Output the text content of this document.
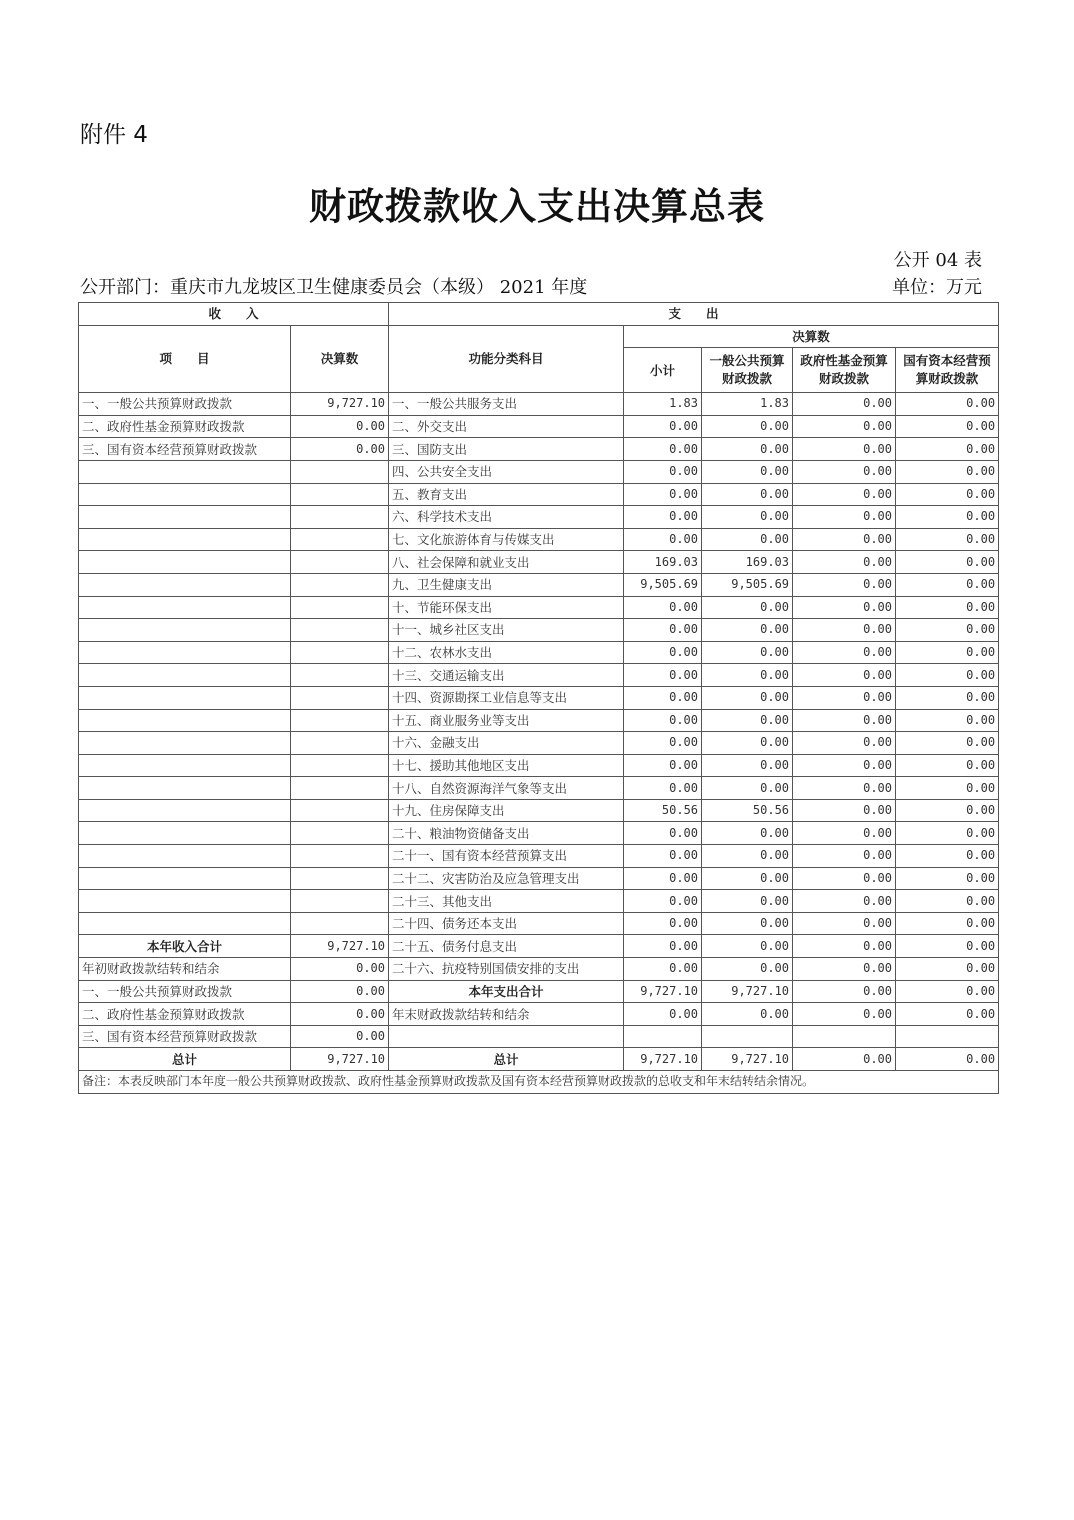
附件 4
财政拨款收入支出决算总表
公开 04 表
公开部门：重庆市九龙坡区卫生健康委员会（本级） 2021 年度	单位：万元
收　　入		支　　出				
项　　目	决算数	功能分类科目	决算数			
			小计	一般公共预算财政拨款	政府性基金预算财政拨款	国有资本经营预算财政拨款
一、一般公共预算财政拨款	9,727.10	一、一般公共服务支出	1.83	1.83	0.00	0.00
二、政府性基金预算财政拨款	0.00	二、外交支出	0.00	0.00	0.00	0.00
三、国有资本经营预算财政拨款	0.00	三、国防支出	0.00	0.00	0.00	0.00
		四、公共安全支出	0.00	0.00	0.00	0.00
		五、教育支出	0.00	0.00	0.00	0.00
		六、科学技术支出	0.00	0.00	0.00	0.00
		七、文化旅游体育与传媒支出	0.00	0.00	0.00	0.00
		八、社会保障和就业支出	169.03	169.03	0.00	0.00
		九、卫生健康支出	9,505.69	9,505.69	0.00	0.00
		十、节能环保支出	0.00	0.00	0.00	0.00
		十一、城乡社区支出	0.00	0.00	0.00	0.00
		十二、农林水支出	0.00	0.00	0.00	0.00
		十三、交通运输支出	0.00	0.00	0.00	0.00
		十四、资源勘探工业信息等支出	0.00	0.00	0.00	0.00
		十五、商业服务业等支出	0.00	0.00	0.00	0.00
		十六、金融支出	0.00	0.00	0.00	0.00
		十七、援助其他地区支出	0.00	0.00	0.00	0.00
		十八、自然资源海洋气象等支出	0.00	0.00	0.00	0.00
		十九、住房保障支出	50.56	50.56	0.00	0.00
		二十、粮油物资储备支出	0.00	0.00	0.00	0.00
		二十一、国有资本经营预算支出	0.00	0.00	0.00	0.00
		二十二、灾害防治及应急管理支出	0.00	0.00	0.00	0.00
		二十三、其他支出	0.00	0.00	0.00	0.00
		二十四、债务还本支出	0.00	0.00	0.00	0.00
本年收入合计	9,727.10	二十五、债务付息支出	0.00	0.00	0.00	0.00
年初财政拨款结转和结余	0.00	二十六、抗疫特别国债安排的支出	0.00	0.00	0.00	0.00
一、一般公共预算财政拨款	0.00	本年支出合计	9,727.10	9,727.10	0.00	0.00
二、政府性基金预算财政拨款	0.00	年末财政拨款结转和结余	0.00	0.00	0.00	0.00
三、国有资本经营预算财政拨款	0.00					
总计	9,727.10	总计	9,727.10	9,727.10	0.00	0.00
备注：本表反映部门本年度一般公共预算财政拨款、政府性基金预算财政拨款及国有资本经营预算财政拨款的总收支和年末结转结余情况。						
